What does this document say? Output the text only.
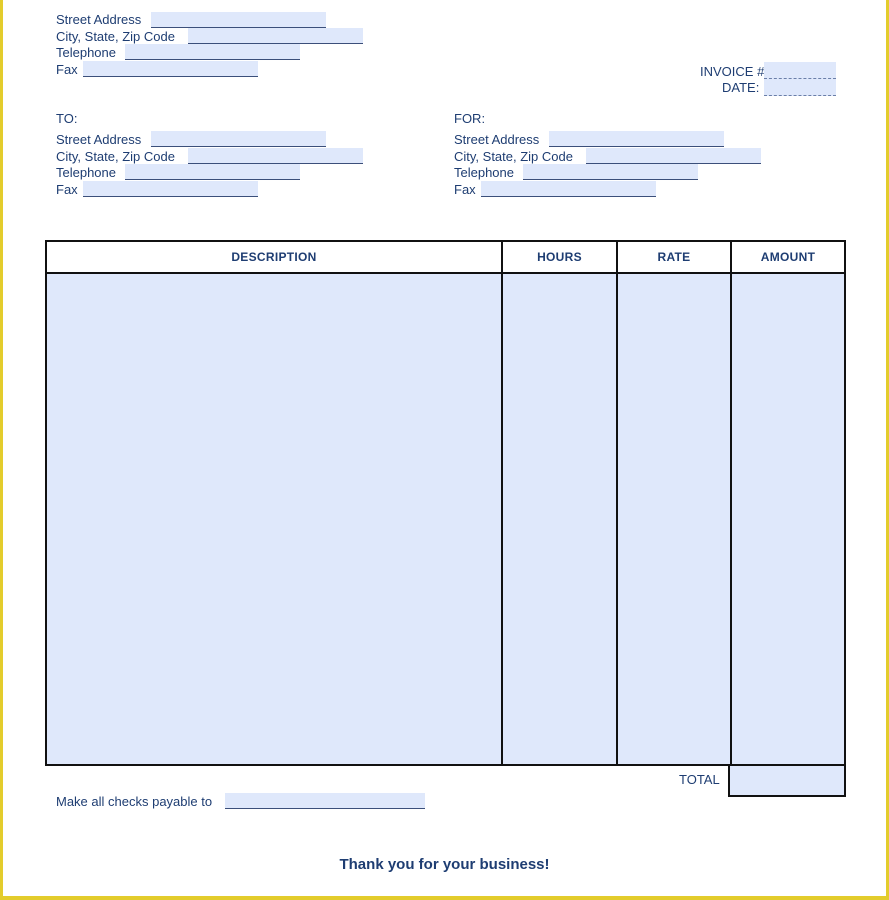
Street Address
City, State, Zip Code
Telephone
Fax	INVOICE #
DATE:
TO:
Street Address
City, State, Zip Code
Telephone
Fax
FOR:
Street Address
City, State, Zip Code
Telephone
Fax
DESCRIPTION	HOURS	RATE	AMOUNT
TOTAL
Make all checks payable to
Thank you for your business!
